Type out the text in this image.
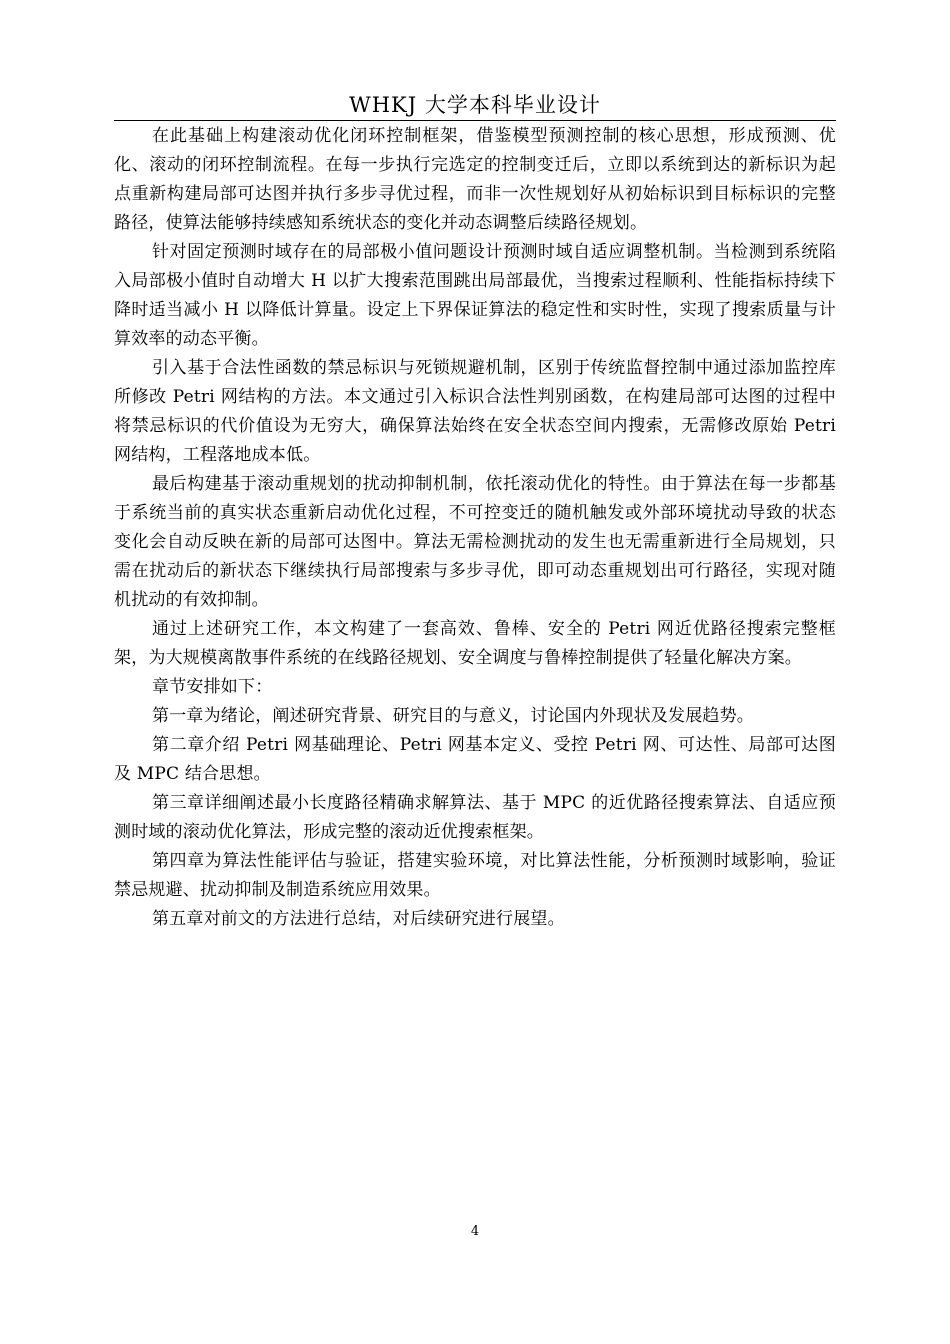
WHKJ 大学本科毕业设计

在此基础上构建滚动优化闭环控制框架，借鉴模型预测控制的核心思想，形成预测、优化、滚动的闭环控制流程。在每一步执行完选定的控制变迁后，立即以系统到达的新标识为起点重新构建局部可达图并执行多步寻优过程，而非一次性规划好从初始标识到目标标识的完整路径，使算法能够持续感知系统状态的变化并动态调整后续路径规划。

针对固定预测时域存在的局部极小值问题设计预测时域自适应调整机制。当检测到系统陷入局部极小值时自动增大 H 以扩大搜索范围跳出局部最优，当搜索过程顺利、性能指标持续下降时适当减小 H 以降低计算量。设定上下界保证算法的稳定性和实时性，实现了搜索质量与计算效率的动态平衡。

引入基于合法性函数的禁忌标识与死锁规避机制，区别于传统监督控制中通过添加监控库所修改 Petri 网结构的方法。本文通过引入标识合法性判别函数，在构建局部可达图的过程中将禁忌标识的代价值设为无穷大，确保算法始终在安全状态空间内搜索，无需修改原始 Petri 网结构，工程落地成本低。

最后构建基于滚动重规划的扰动抑制机制，依托滚动优化的特性。由于算法在每一步都基于系统当前的真实状态重新启动优化过程，不可控变迁的随机触发或外部环境扰动导致的状态变化会自动反映在新的局部可达图中。算法无需检测扰动的发生也无需重新进行全局规划，只需在扰动后的新状态下继续执行局部搜索与多步寻优，即可动态重规划出可行路径，实现对随机扰动的有效抑制。

通过上述研究工作，本文构建了一套高效、鲁棒、安全的 Petri 网近优路径搜索完整框架，为大规模离散事件系统的在线路径规划、安全调度与鲁棒控制提供了轻量化解决方案。

章节安排如下：

第一章为绪论，阐述研究背景、研究目的与意义，讨论国内外现状及发展趋势。

第二章介绍 Petri 网基础理论、Petri 网基本定义、受控 Petri 网、可达性、局部可达图及 MPC 结合思想。

第三章详细阐述最小长度路径精确求解算法、基于 MPC 的近优路径搜索算法、自适应预测时域的滚动优化算法，形成完整的滚动近优搜索框架。

第四章为算法性能评估与验证，搭建实验环境，对比算法性能，分析预测时域影响，验证禁忌规避、扰动抑制及制造系统应用效果。

第五章对前文的方法进行总结，对后续研究进行展望。

4
